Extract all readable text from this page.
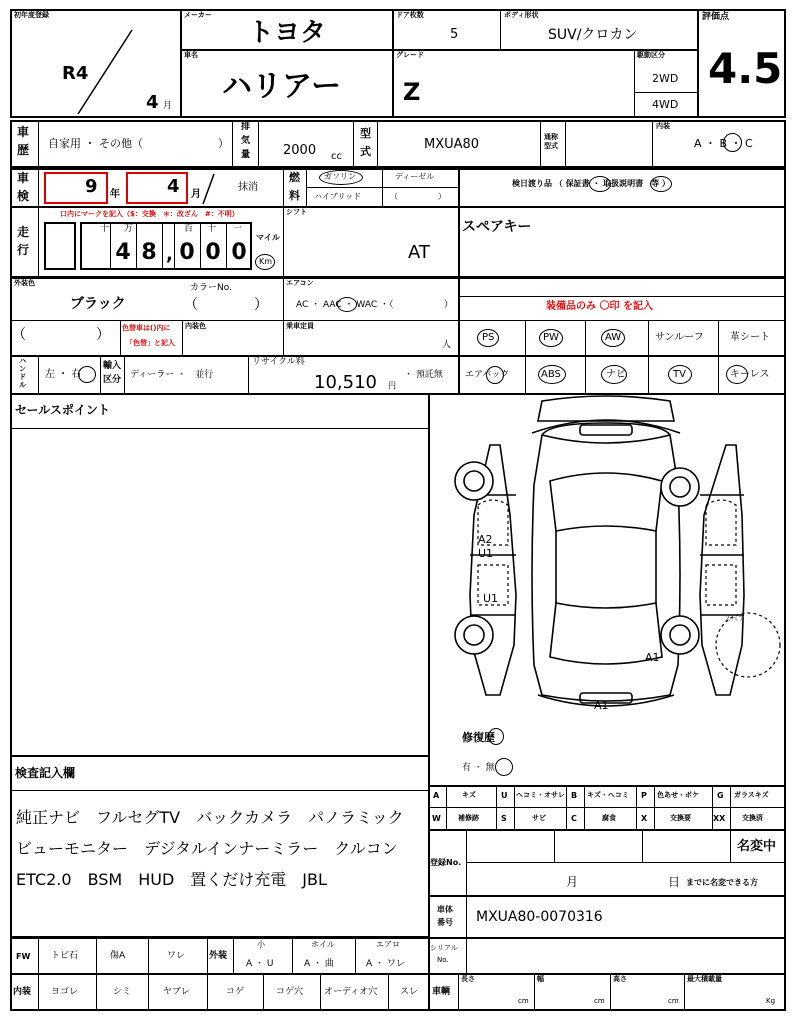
初年度登録
R4
4 月
メーカー
トヨタ
ドア枚数
5
ボディ形状
SUV/クロカン
評価点
4.5
車名
ハリアー
グレード
Z
駆動区分
2WD
4WD
車
歴 自家用 ・ その他（	）
排
気
量	2000 cc
型
式	MXUA80	通称
型式
内装
A ・ B ・ C
車
検	9 年	4 月
抹消
燃
料
ガソリン	ディーゼル
ハイブリッド	（　　　　　）
検日渡り品 （ 保証書 ・ 取扱説明書　等 ）
走
行
口内にマークを記入（$：交換　＊：改ざん　#：不明）
十 万	百 十 一
4 8 , 0 0 0
マイル
Km
シフト
AT
スペアキー
外装色
ブラック
カラーNo.
（　　　　）
（	） 色替車は()内に
「色替」と記入
内装色
エアコン
AC ・ AAC ・ WAC ・（	）
乗車定員
人
装備品のみ 〇印 を記入
PS	PW	AW	サンルーフ	革シート
ハ
ン
ド
ル
左 ・ 右
輸入
区分 ディーラー ・　並行
リサイクル料
10,510 円
・ 預託無 エアバック	ABS	ナビ	TV	キーレス
セールスポイント
A2
U1
U1
A1
A1
スペア
修復歴
有 ・ 無
検査記入欄
純正ナビ　フルセグTV　バックカメラ　パノラミック
ビューモニター　デジタルインナーミラー　クルコン
ETC2.0　BSM　HUD　置くだけ充電　JBL
A	キズ	U ヘコミ・オサレ B キズ・ヘコミ P 色あせ・ボケ G ガラスキズ
W 補修跡	S	サビ	C	腐食	X	交換要	XX 交換済
登録No.
名変中
月	日 までに名変できる方
車体
番号 MXUA80-0070316
FW トビ石	傷A	ワレ	外装
小
A ・ U
ホイル
A ・ 曲
エアロ
A ・ ワレ
シリアル
No.
内装 ヨゴレ	シミ	ヤブレ	コゲ	コゲ穴 オーディオ穴	スレ 車輌
長さ
cm
幅
cm
高さ
cm
最大積載量
Kg
